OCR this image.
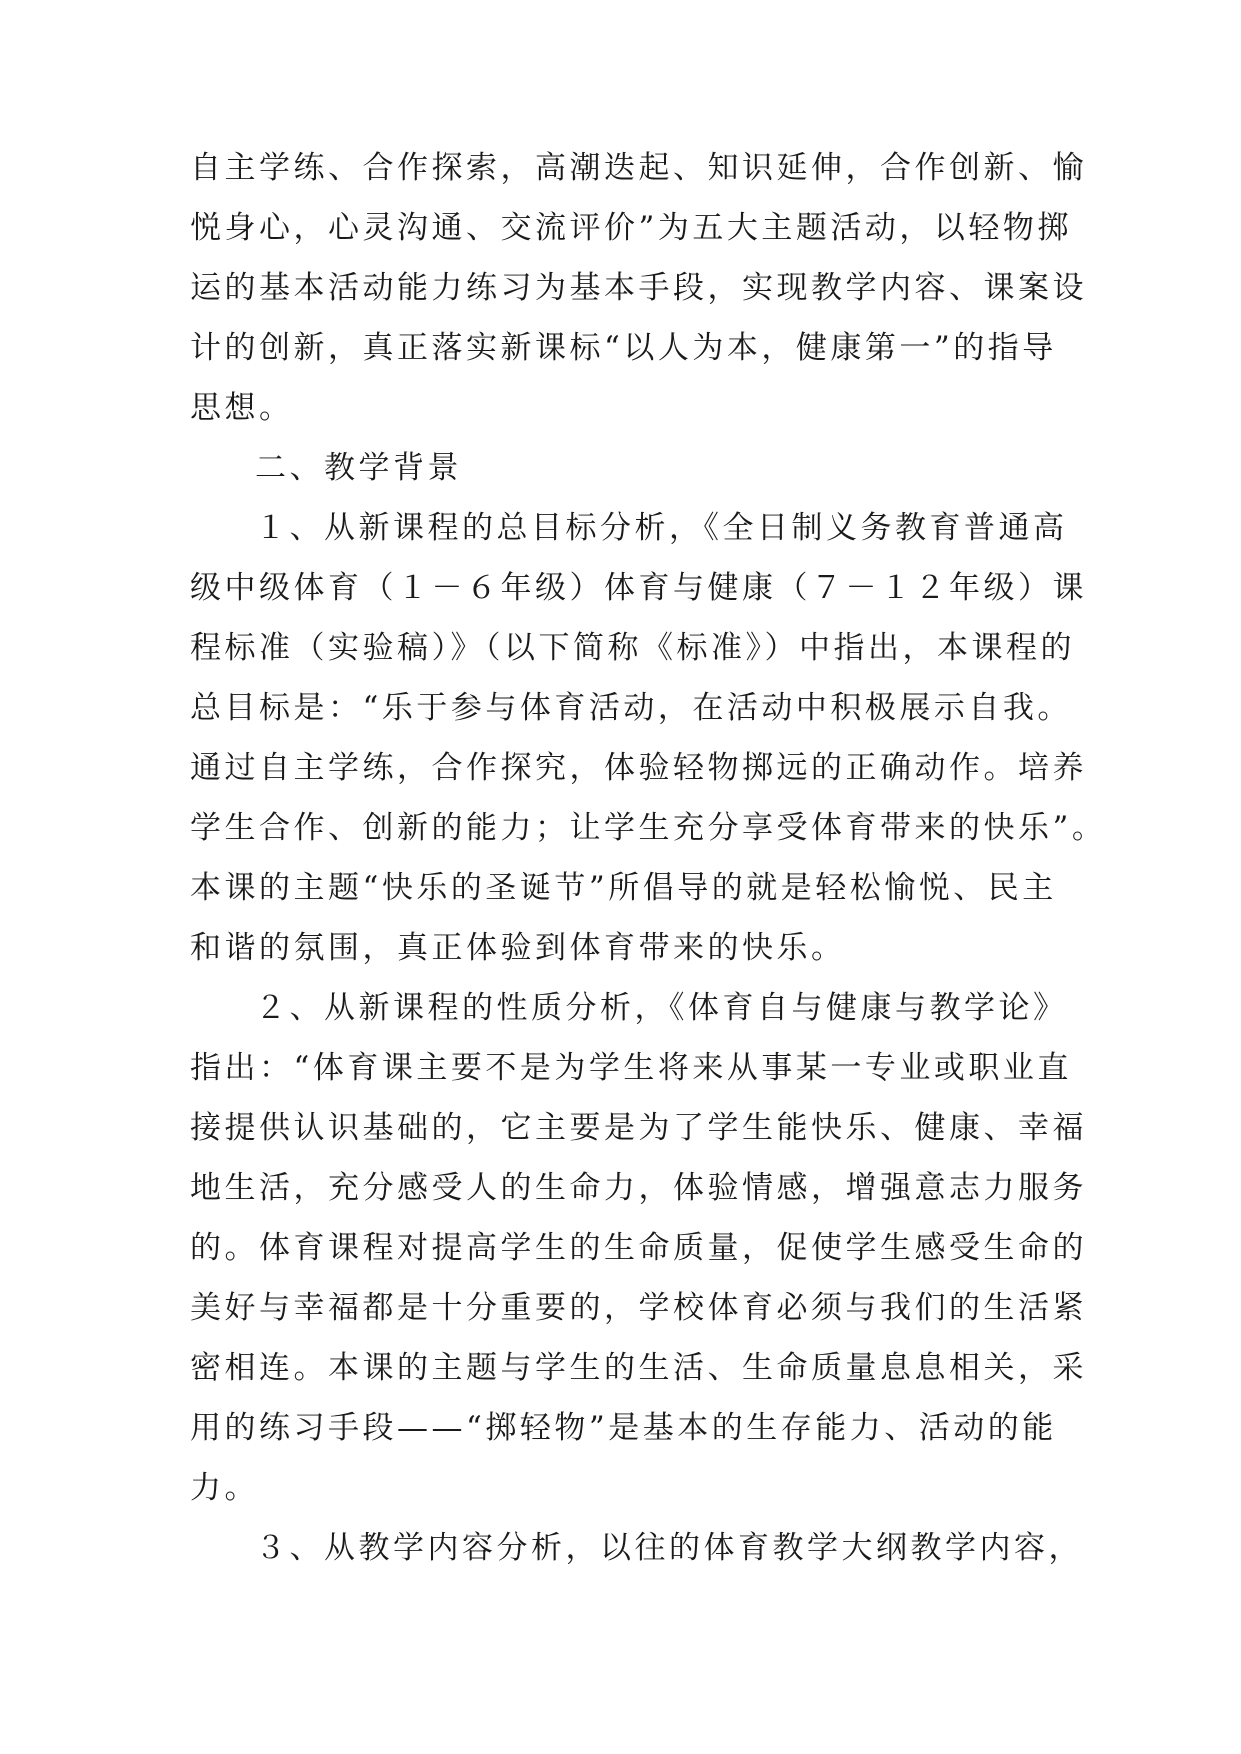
自主学练、合作探索，高潮迭起、知识延伸，合作创新、愉

悦身心，心灵沟通、交流评价”为五大主题活动，以轻物掷

运的基本活动能力练习为基本手段，实现教学内容、课案设

计的创新，真正落实新课标“以人为本，健康第一”的指导

思想。

二、教学背景

１、从新课程的总目标分析，《全日制义务教育普通高

级中级体育（１－６年级）体育与健康（７－１２年级）课

程标准（实验稿）》（以下简称《标准》）中指出，本课程的

总目标是：“乐于参与体育活动，在活动中积极展示自我。

通过自主学练，合作探究，体验轻物掷远的正确动作。培养

学生合作、创新的能力；让学生充分享受体育带来的快乐”。

本课的主题“快乐的圣诞节”所倡导的就是轻松愉悦、民主

和谐的氛围，真正体验到体育带来的快乐。

２、从新课程的性质分析，《体育自与健康与教学论》

指出：“体育课主要不是为学生将来从事某一专业或职业直

接提供认识基础的，它主要是为了学生能快乐、健康、幸福

地生活，充分感受人的生命力，体验情感，增强意志力服务

的。体育课程对提高学生的生命质量，促使学生感受生命的

美好与幸福都是十分重要的，学校体育必须与我们的生活紧

密相连。本课的主题与学生的生活、生命质量息息相关，采

用的练习手段——“掷轻物”是基本的生存能力、活动的能

力。

３、从教学内容分析，以往的体育教学大纲教学内容，
